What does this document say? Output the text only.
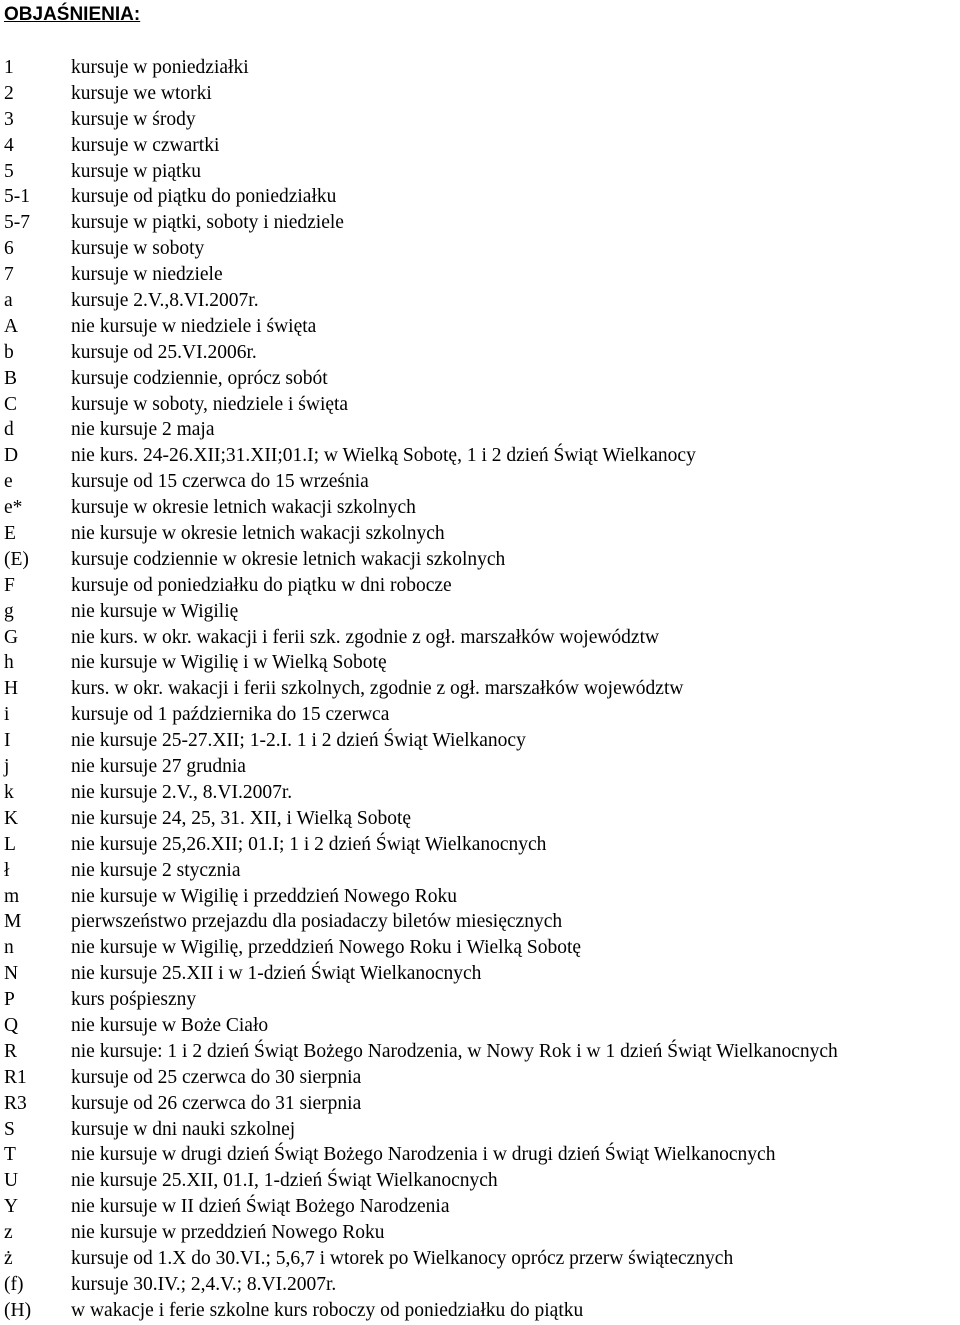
OBJAŚNIENIA:
1	kursuje w poniedziałki
2	kursuje we wtorki
3	kursuje w środy
4	kursuje w czwartki
5	kursuje w piątku
5-1	kursuje od piątku do poniedziałku
5-7	kursuje w piątki, soboty i niedziele
6	kursuje w soboty
7	kursuje w niedziele
a	kursuje 2.V.,8.VI.2007r.
A	nie kursuje w niedziele i święta
b	kursuje od 25.VI.2006r.
B	kursuje codziennie, oprócz sobót
C	kursuje w soboty, niedziele i święta
d	nie kursuje 2 maja
D	nie kurs. 24-26.XII;31.XII;01.I; w Wielką Sobotę, 1 i 2 dzień Świąt Wielkanocy
e	kursuje od 15 czerwca do 15 września
e*	kursuje w okresie letnich wakacji szkolnych
E	nie kursuje w okresie letnich wakacji szkolnych
(E)	kursuje codziennie w okresie letnich wakacji szkolnych
F	kursuje od poniedziałku do piątku w dni robocze
g	nie kursuje w Wigilię
G	nie kurs. w okr. wakacji i ferii szk. zgodnie z ogł. marszałków województw
h	nie kursuje w Wigilię i w Wielką Sobotę
H	kurs. w okr. wakacji i ferii szkolnych, zgodnie z ogł. marszałków województw
i	kursuje od 1 października do 15 czerwca
I	nie kursuje 25-27.XII; 1-2.I. 1 i 2 dzień Świąt Wielkanocy
j	nie kursuje 27 grudnia
k	nie kursuje 2.V., 8.VI.2007r.
K	nie kursuje 24, 25, 31. XII, i Wielką Sobotę
L	nie kursuje 25,26.XII; 01.I; 1 i 2 dzień Świąt Wielkanocnych
ł	nie kursuje 2 stycznia
m	nie kursuje w Wigilię i przeddzień Nowego Roku
M	pierwszeństwo przejazdu dla posiadaczy biletów miesięcznych
n	nie kursuje w Wigilię, przeddzień Nowego Roku i Wielką Sobotę
N	nie kursuje 25.XII i w 1-dzień Świąt Wielkanocnych
P	kurs pośpieszny
Q	nie kursuje w Boże Ciało
R	nie kursuje: 1 i 2 dzień Świąt Bożego Narodzenia, w Nowy Rok i w 1 dzień Świąt Wielkanocnych
R1	kursuje od 25 czerwca do 30 sierpnia
R3	kursuje od 26 czerwca do 31 sierpnia
S	kursuje w dni nauki szkolnej
T	nie kursuje w drugi dzień Świąt Bożego Narodzenia i w drugi dzień Świąt Wielkanocnych
U	nie kursuje 25.XII, 01.I, 1-dzień Świąt Wielkanocnych
Y	nie kursuje w II dzień Świąt Bożego Narodzenia
z	nie kursuje w przeddzień Nowego Roku
ż	kursuje od 1.X do 30.VI.; 5,6,7 i wtorek po Wielkanocy oprócz przerw świątecznych
(f)	kursuje 30.IV.; 2,4.V.; 8.VI.2007r.
(H)	w wakacje i ferie szkolne kurs roboczy od poniedziałku do piątku
